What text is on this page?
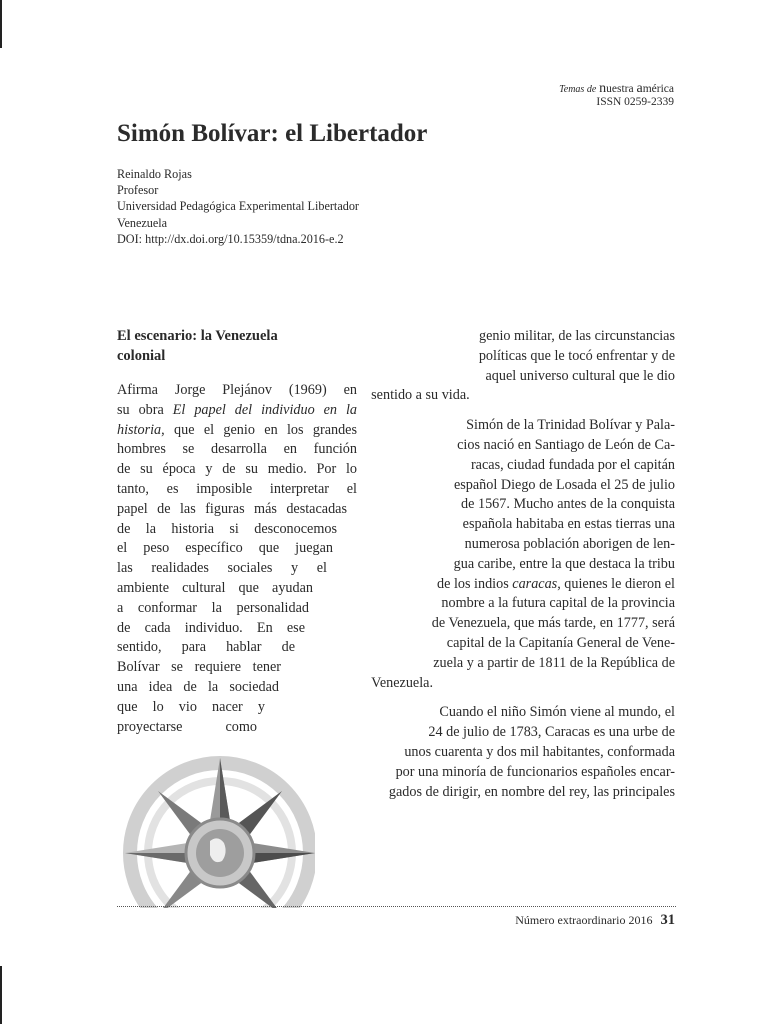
Temas de nuestra américa
ISSN 0259-2339
Simón Bolívar: el Libertador
Reinaldo Rojas
Profesor
Universidad Pedagógica Experimental Libertador
Venezuela
DOI: http://dx.doi.org/10.15359/tdna.2016-e.2
El escenario: la Venezuela
colonial

Afirma Jorge Plejánov (1969) en
su obra El papel del individuo en la
historia, que el genio en los grandes
hombres se desarrolla en función
de su época y de su medio. Por lo
tanto, es imposible interpretar el
papel de las figuras más destacadas
de la historia si desconocemos
el peso específico que juegan
las realidades sociales y el
ambiente cultural que ayudan
a conformar la personalidad
de cada individuo. En ese
sentido, para hablar de
Bolívar se requiere tener
una idea de la sociedad
que lo vio nacer y
proyectarse como

genio militar, de las circunstancias
políticas que le tocó enfrentar y de
aquel universo cultural que le dio
sentido a su vida.
Simón de la Trinidad Bolívar y Pala-
cios nació en Santiago de León de Ca-
racas, ciudad fundada por el capitán
español Diego de Losada el 25 de julio
de 1567. Mucho antes de la conquista
española habitaba en estas tierras una
numerosa población aborigen de len-
gua caribe, entre la que destaca la tribu
de los indios caracas, quienes le dieron el
nombre a la futura capital de la provincia
de Venezuela, que más tarde, en 1777, será
capital de la Capitanía General de Vene-
zuela y a partir de 1811 de la República de
Venezuela.
Cuando el niño Simón viene al mundo, el
24 de julio de 1783, Caracas es una urbe de
unos cuarenta y dos mil habitantes, conformada
por una minoría de funcionarios españoles encar-
gados de dirigir, en nombre del rey, las principales
Número extraordinario 2016 31
